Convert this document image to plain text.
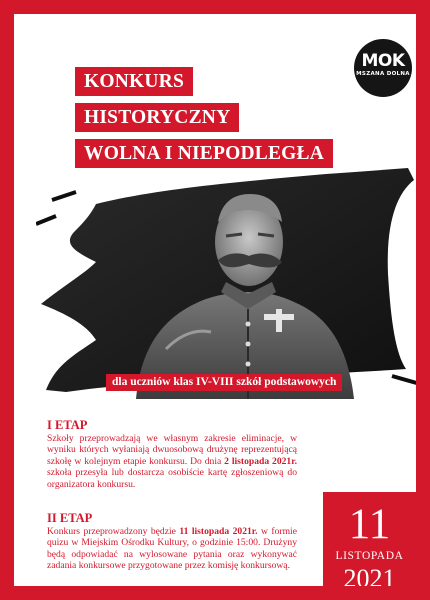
KONKURS
HISTORYCZNY
WOLNA I NIEPODLEGŁA
MOK
MSZANA DOLNA
dla uczniów klas IV-VIII szkół podstawowych
I ETAP
Szkoły przeprowadzają we własnym zakresie eliminacje, w wyniku których wyłaniają dwuosobową drużynę reprezentującą szkołę w kolejnym etapie konkursu. Do dnia 2 listopada 2021r. szkoła przesyła lub dostarcza osobiście kartę zgłoszeniową do organizatora konkursu.
II ETAP
Konkurs przeprowadzony będzie 11 listopada 2021r. w formie quizu w Miejskim Ośrodku Kultury, o godzinie 15:00. Drużyny będą odpowiadać na wylosowane pytania oraz wykonywać zadania konkursowe przygotowane przez komisję konkursową.
11
LISTOPADA
2021
